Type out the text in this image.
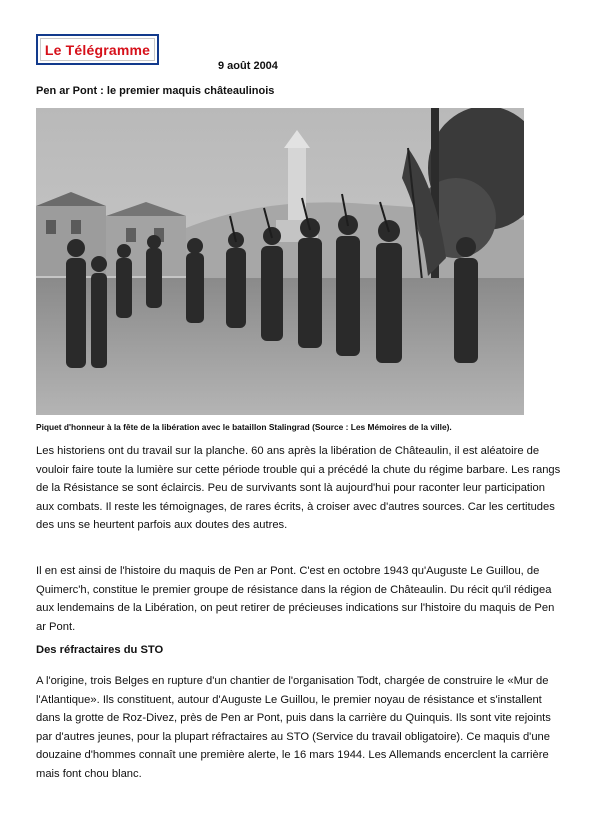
Le Télégramme
9 août 2004
Pen ar Pont : le premier maquis châteaulinois
Piquet d'honneur à la fête de la libération avec le bataillon Stalingrad (Source : Les Mémoires de la ville).

Les historiens ont du travail sur la planche. 60 ans après la libération de Châteaulin, il est aléatoire de vouloir faire toute la lumière sur cette période trouble qui a précédé la chute du régime barbare. Les rangs de la Résistance se sont éclaircis. Peu de survivants sont là aujourd'hui pour raconter leur participation aux combats. Il reste les témoignages, de rares écrits, à croiser avec d'autres sources. Car les certitudes des uns se heurtent parfois aux doutes des autres.

Il en est ainsi de l'histoire du maquis de Pen ar Pont. C'est en octobre 1943 qu'Auguste Le Guillou, de Quimerc'h, constitue le premier groupe de résistance dans la région de Châteaulin. Du récit qu'il rédigea aux lendemains de la Libération, on peut retirer de précieuses indications sur l'histoire du maquis de Pen ar Pont.

Des réfractaires du STO

A l'origine, trois Belges en rupture d'un chantier de l'organisation Todt, chargée de construire le «Mur de l'Atlantique». Ils constituent, autour d'Auguste Le Guillou, le premier noyau de résistance et s'installent dans la grotte de Roz-Divez, près de Pen ar Pont, puis dans la carrière du Quinquis. Ils sont vite rejoints par d'autres jeunes, pour la plupart réfractaires au STO (Service du travail obligatoire). Ce maquis d'une douzaine d'hommes connaît une première alerte, le 16 mars 1944. Les Allemands encerclent la carrière mais font chou blanc.
